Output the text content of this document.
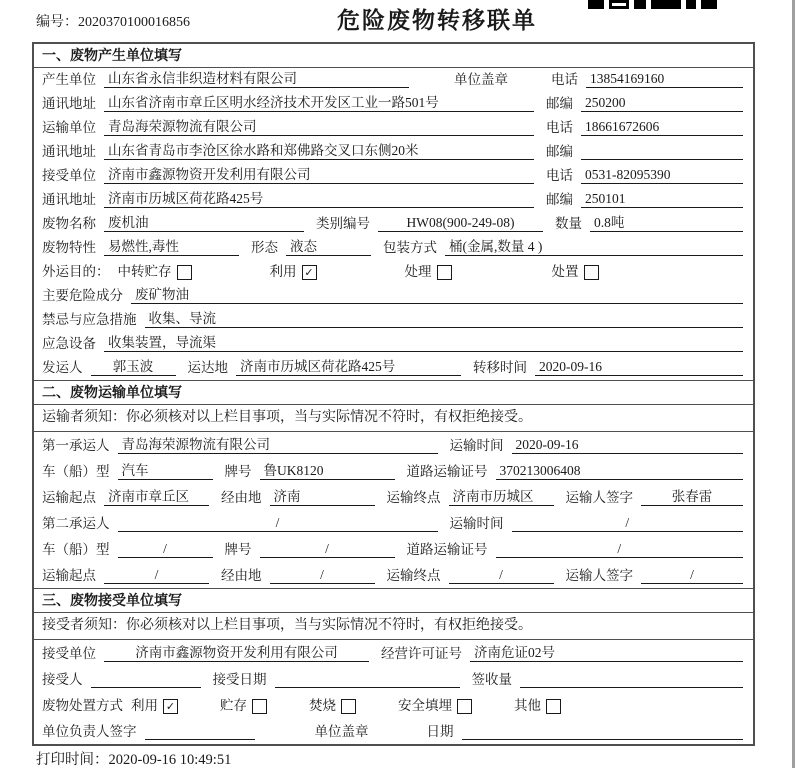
编号：2020370100016856	危险废物转移联单
一、废物产生单位填写
产生单位 山东省永信非织造材料有限公司	单位盖章	电话 13854169160
通讯地址 山东省济南市章丘区明水经济技术开发区工业一路501号	邮编 250200
运输单位 青岛海荣源物流有限公司	电话 18661672606
通讯地址 山东省青岛市李沧区徐水路和郑佛路交叉口东侧20米	邮编
接受单位 济南市鑫源物资开发利用有限公司	电话 0531-82095390
通讯地址 济南市历城区荷花路425号	邮编 250101
废物名称 废机油	类别编号	HW08(900-249-08)	数量 0.8吨
废物特性 易燃性,毒性	形态 液态	包装方式 桶(金属,数量 4 )
外运目的： 中转贮存	利用 ✓	处理	处置
主要危险成分 废矿物油
禁忌与应急措施 收集、导流
应急设备 收集装置，导流渠
发运人	郭玉波	运达地 济南市历城区荷花路425号	转移时间 2020-09-16
二、废物运输单位填写
运输者须知：你必须核对以上栏目事项，当与实际情况不符时，有权拒绝接受。
第一承运人 青岛海荣源物流有限公司	运输时间 2020-09-16
车（船）型 汽车	牌号 鲁UK8120	道路运输证号 370213006408
运输起点 济南市章丘区	经由地 济南	运输终点 济南市历城区	运输人签字	张春雷
第二承运人	/	运输时间	/
车（船）型	/	牌号	/	道路运输证号	/
运输起点	/	经由地	/	运输终点	/	运输人签字	/
三、废物接受单位填写
接受者须知：你必须核对以上栏目事项，当与实际情况不符时，有权拒绝接受。
接受单位	济南市鑫源物资开发利用有限公司	经营许可证号 济南危证02号
接受人	接受日期	签收量
废物处置方式 利用 ✓	贮存	焚烧	安全填埋	其他
单位负责人签字	单位盖章	日期
打印时间：2020-09-16 10:49:51
